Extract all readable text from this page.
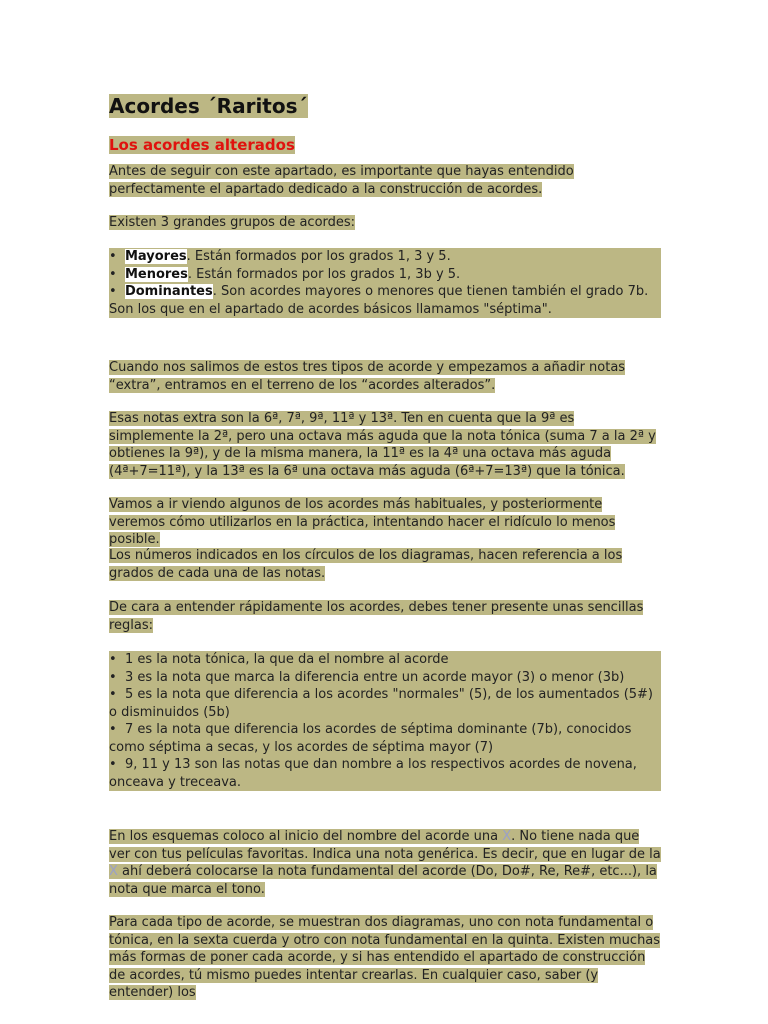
Acordes ´Raritos´
Los acordes alterados

Antes de seguir con este apartado, es importante que hayas entendido perfectamente el apartado dedicado a la construcción de acordes.

Existen 3 grandes grupos de acordes:

•  Mayores. Están formados por los grados 1, 3 y 5.
•  Menores. Están formados por los grados 1, 3b y 5.
•  Dominantes. Son acordes mayores o menores que tienen también el grado 7b. Son los que en el apartado de acordes básicos llamamos "séptima".

Cuando nos salimos de estos tres tipos de acorde y empezamos a añadir notas “extra”, entramos en el terreno de los “acordes alterados”.

Esas notas extra son la 6ª, 7ª, 9ª, 11ª y 13ª. Ten en cuenta que la 9ª es simplemente la 2ª, pero una octava más aguda que la nota tónica (suma 7 a la 2ª y obtienes la 9ª), y de la misma manera, la 11ª es la 4ª una octava más aguda (4ª+7=11ª), y la 13ª es la 6ª una octava más aguda (6ª+7=13ª) que la tónica.

Vamos a ir viendo algunos de los acordes más habituales, y posteriormente veremos cómo utilizarlos en la práctica, intentando hacer el ridículo lo menos posible.

Los números indicados en los círculos de los diagramas, hacen referencia a los grados de cada una de las notas.

De cara a entender rápidamente los acordes, debes tener presente unas sencillas reglas:

•  1 es la nota tónica, la que da el nombre al acorde
•  3 es la nota que marca la diferencia entre un acorde mayor (3) o menor (3b)
•  5 es la nota que diferencia a los acordes "normales" (5), de los aumentados (5#) o disminuidos (5b)
•  7 es la nota que diferencia los acordes de séptima dominante (7b), conocidos como séptima a secas, y los acordes de séptima mayor (7)
•  9, 11 y 13 son las notas que dan nombre a los respectivos acordes de novena, onceava y treceava.

En los esquemas coloco al inicio del nombre del acorde una X. No tiene nada que ver con tus películas favoritas. Indica una nota genérica. Es decir, que en lugar de la X ahí deberá colocarse la nota fundamental del acorde (Do, Do#, Re, Re#, etc...), la nota que marca el tono.

Para cada tipo de acorde, se muestran dos diagramas, uno con nota fundamental o tónica, en la sexta cuerda y otro con nota fundamental en la quinta. Existen muchas más formas de poner cada acorde, y si has entendido el apartado de construcción de acordes, tú mismo puedes intentar crearlas. En cualquier caso, saber (y entender) los
